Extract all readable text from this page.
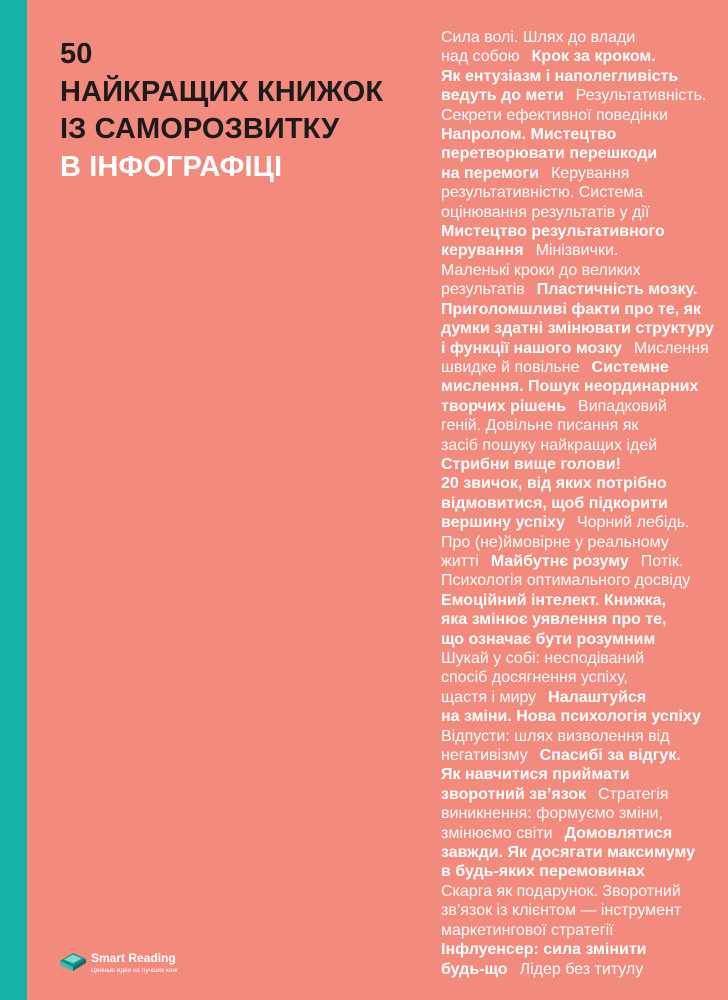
50
НАЙКРАЩИХ КНИЖОК
ІЗ САМОРОЗВИТКУ
В ІНФОГРАФІЦІ
Сила волі. Шлях до влади
над собою Крок за кроком.
Як ентузіазм і наполегливість
ведуть до мети Результативність.
Секрети ефективної поведінки
Напролом. Мистецтво
перетворювати перешкоди
на перемоги Керування
результативністю. Система
оцінювання результатів у дії
Мистецтво результативного
керування Мінізвички.
Маленькі кроки до великих
результатів Пластичність мозку.
Приголомшливі факти про те, як
думки здатні змінювати структуру
і функції нашого мозку Мислення
швидке й повільне Системне
мислення. Пошук неординарних
творчих рішень Випадковий
геній. Довільне писання як
засіб пошуку найкращих ідей
Стрибни вище голови!
20 звичок, від яких потрібно
відмовитися, щоб підкорити
вершину успіху Чорний лебідь.
Про (не)ймовірне у реальному
житті Майбутнє розуму Потік.
Психологія оптимального досвіду
Емоційний інтелект. Книжка,
яка змінює уявлення про те,
що означає бути розумним
Шукай у собі: несподіваний
спосіб досягнення успіху,
щастя і миру Налаштуйся
на зміни. Нова психологія успіху
Відпусти: шлях визволення від
негативізму Спасибі за відгук.
Як навчитися приймати
зворотний зв’язок Стратегія
виникнення: формуємо зміни,
змінюємо світи Домовлятися
завжди. Як досягати максимуму
в будь-яких перемовинах
Скарга як подарунок. Зворотний
зв’язок із клієнтом — інструмент
маркетингової стратегії
Інфлуенсер: сила змінити
будь-що Лідер без титулу
Smart Reading
Ценные идеи из лучших книг
